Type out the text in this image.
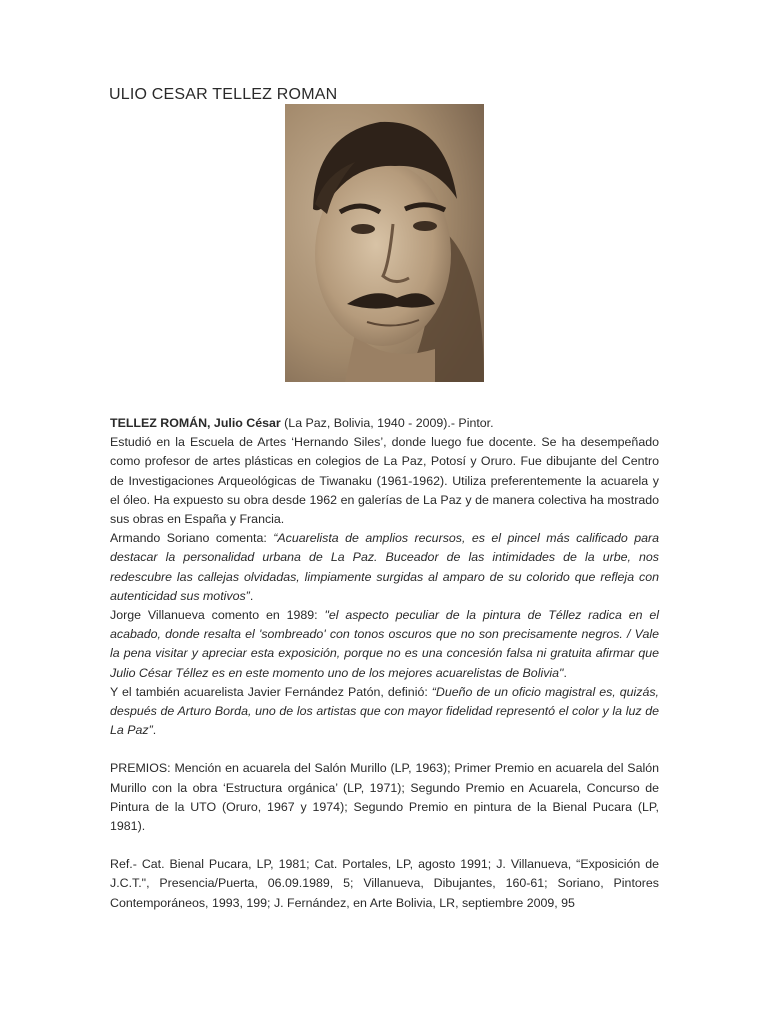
ULIO CESAR TELLEZ ROMAN

TELLEZ ROMÁN, Julio César (La Paz, Bolivia, 1940 - 2009).- Pintor.

Estudió en la Escuela de Artes ‘Hernando Siles’, donde luego fue docente. Se ha desempeñado como profesor de artes plásticas en colegios de La Paz, Potosí y Oruro. Fue dibujante del Centro de Investigaciones Arqueológicas de Tiwanaku (1961-1962). Utiliza preferentemente la acuarela y el óleo. Ha expuesto su obra desde 1962 en galerías de La Paz y de manera colectiva ha mostrado sus obras en España y Francia.

Armando Soriano comenta: “Acuarelista de amplios recursos, es el pincel más calificado para destacar la personalidad urbana de La Paz. Buceador de las intimidades de la urbe, nos redescubre las callejas olvidadas, limpiamente surgidas al amparo de su colorido que refleja con autenticidad sus motivos”.

Jorge Villanueva comento en 1989: "el aspecto peculiar de la pintura de Téllez radica en el acabado, donde resalta el 'sombreado' con tonos oscuros que no son precisamente negros. / Vale la pena visitar y apreciar esta exposición, porque no es una concesión falsa ni gratuita afirmar que Julio César Téllez es en este momento uno de los mejores acuarelistas de Bolivia".

Y el también acuarelista Javier Fernández Patón, definió: “Dueño de un oficio magistral es, quizás, después de Arturo Borda, uno de los artistas que con mayor fidelidad representó el color y la luz de La Paz”.

PREMIOS: Mención en acuarela del Salón Murillo (LP, 1963); Primer Premio en acuarela del Salón Murillo con la obra ‘Estructura orgánica’ (LP, 1971); Segundo Premio en Acuarela, Concurso de Pintura de la UTO (Oruro, 1967 y 1974); Segundo Premio en pintura de la Bienal Pucara (LP, 1981).

Ref.- Cat. Bienal Pucara, LP, 1981; Cat. Portales, LP, agosto 1991; J. Villanueva, “Exposición de J.C.T.", Presencia/Puerta, 06.09.1989, 5; Villanueva, Dibujantes, 160-61; Soriano, Pintores Contemporáneos, 1993, 199; J. Fernández, en Arte Bolivia, LR, septiembre 2009, 95
